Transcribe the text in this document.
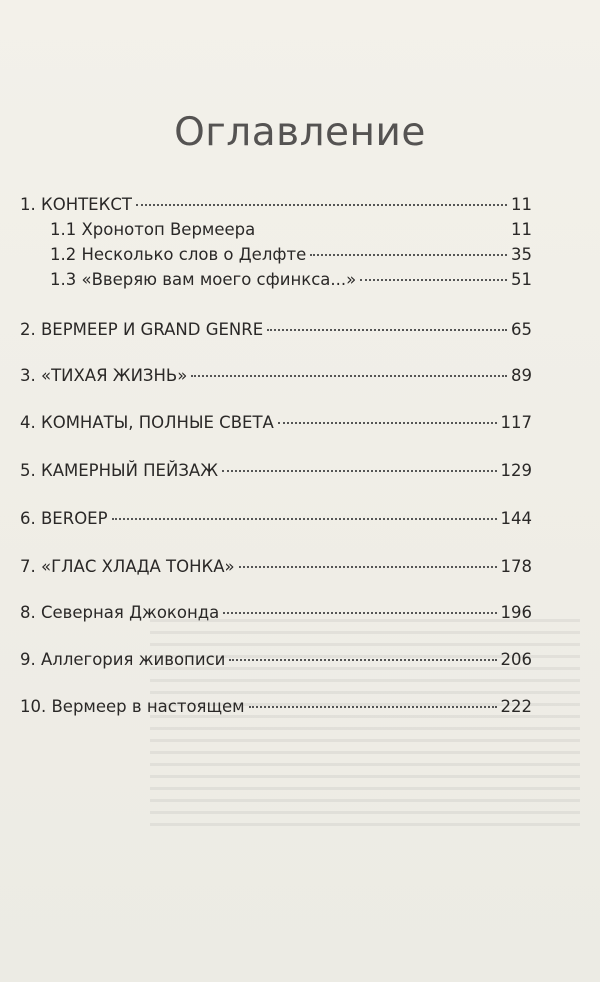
Оглавление
1. КОНТЕКСТ	11
1.1 Хронотоп Вермеера	11
1.2 Несколько слов о Делфте	35
1.3 «Вверяю вам моего сфинкса...»	51
2. ВЕРМЕЕР И GRAND GENRE	65
3. «ТИХАЯ ЖИЗНЬ»	89
4. КОМНАТЫ, ПОЛНЫЕ СВЕТА	117
5. КАМЕРНЫЙ ПЕЙЗАЖ	129
6. BEROEP	144
7. «ГЛАС ХЛАДА ТОНКА»	178
8. Северная Джоконда	196
9. Аллегория живописи	206
10. Вермеер в настоящем	222
